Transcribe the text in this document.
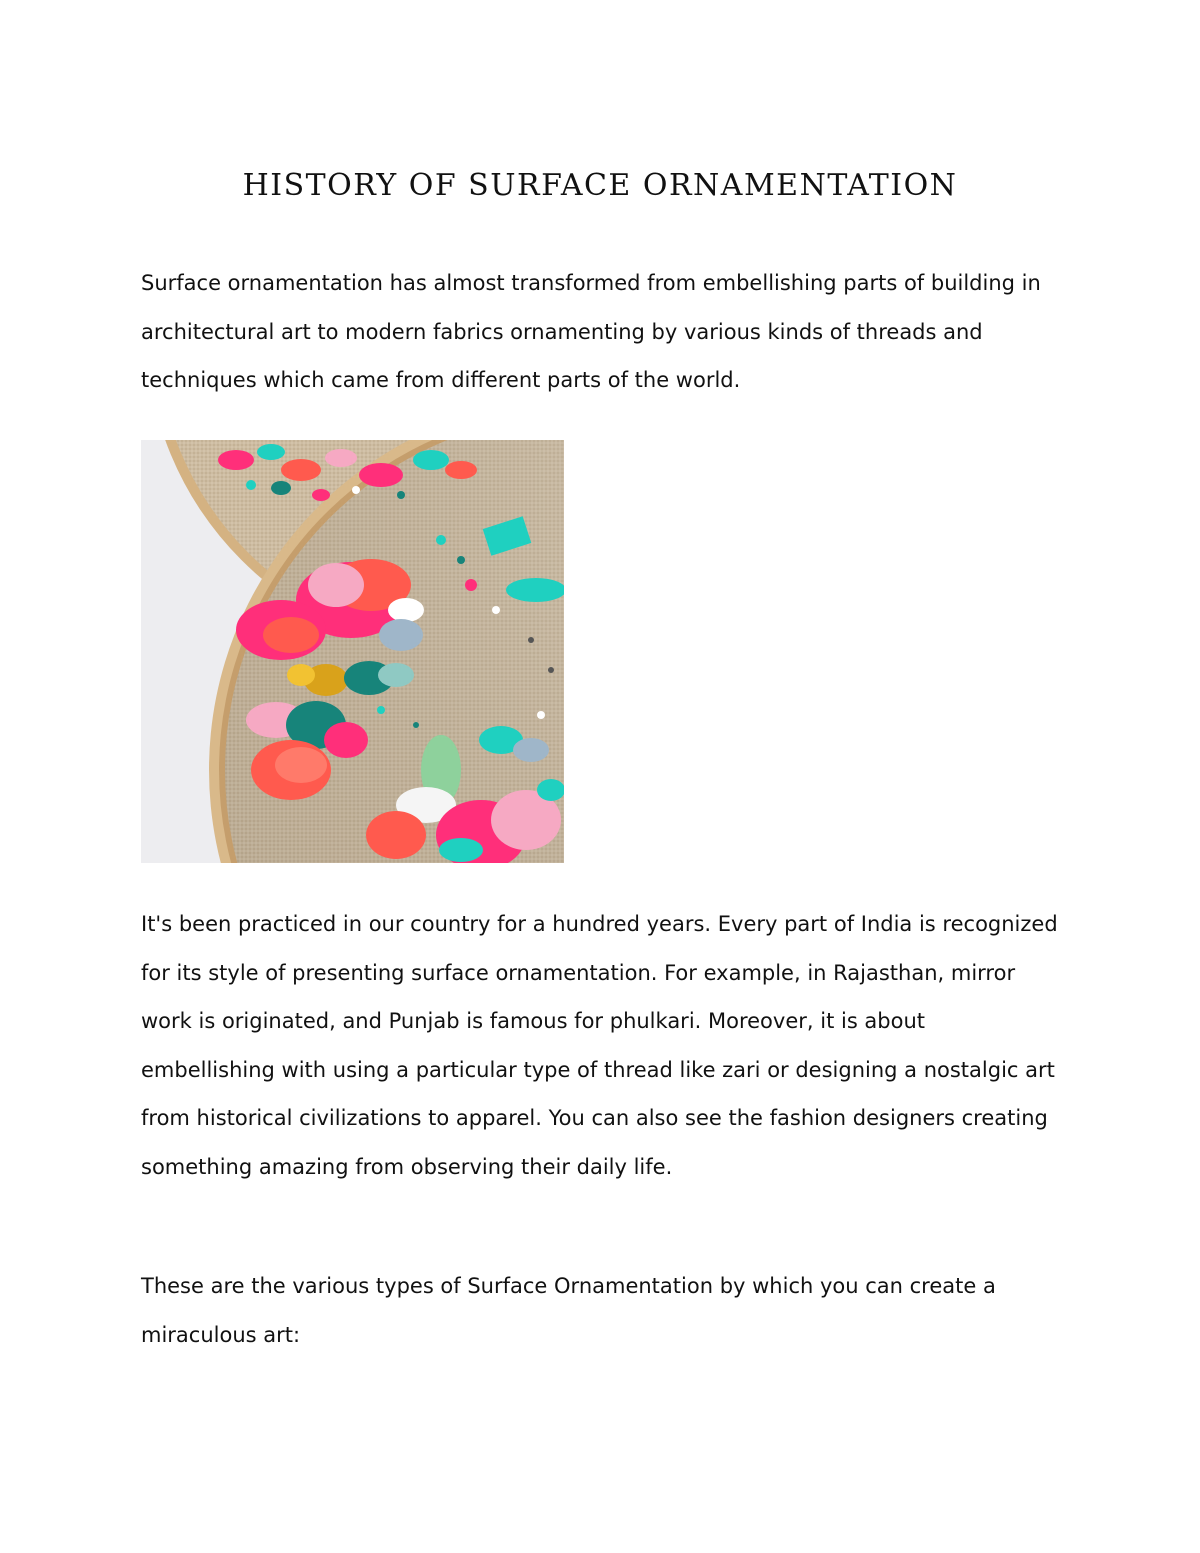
HISTORY OF SURFACE ORNAMENTATION

Surface ornamentation has almost transformed from embellishing parts of building in architectural art to modern fabrics ornamenting by various kinds of threads and techniques which came from different parts of the world.

It's been practiced in our country for a hundred years. Every part of India is recognized for its style of presenting surface ornamentation. For example, in Rajasthan, mirror work is originated, and Punjab is famous for phulkari. Moreover, it is about embellishing with using a particular type of thread like zari or designing a nostalgic art from historical civilizations to apparel. You can also see the fashion designers creating something amazing from observing their daily life.

These are the various types of Surface Ornamentation by which you can create a miraculous art:
